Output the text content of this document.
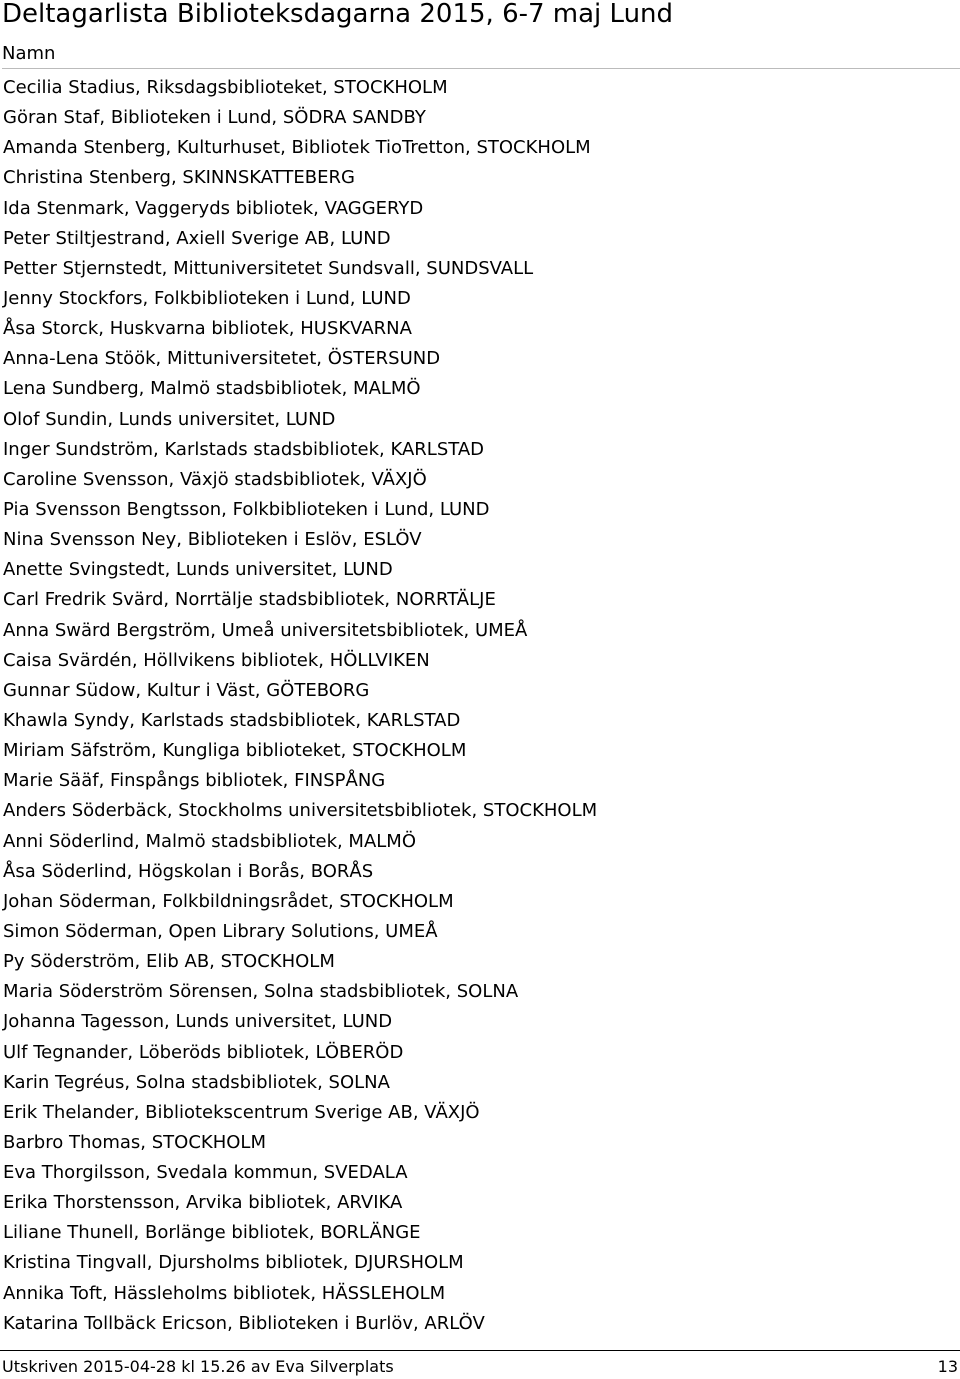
Deltagarlista Biblioteksdagarna 2015, 6-7 maj Lund
Namn
Cecilia Stadius, Riksdagsbiblioteket, STOCKHOLM
Göran Staf, Biblioteken i Lund, SÖDRA SANDBY
Amanda Stenberg, Kulturhuset, Bibliotek TioTretton, STOCKHOLM
Christina Stenberg, SKINNSKATTEBERG
Ida Stenmark, Vaggeryds bibliotek, VAGGERYD
Peter Stiltjestrand, Axiell Sverige AB, LUND
Petter Stjernstedt, Mittuniversitetet Sundsvall, SUNDSVALL
Jenny Stockfors, Folkbiblioteken i Lund, LUND
Åsa Storck, Huskvarna bibliotek, HUSKVARNA
Anna-Lena Stöök, Mittuniversitetet, ÖSTERSUND
Lena Sundberg, Malmö stadsbibliotek, MALMÖ
Olof Sundin, Lunds universitet, LUND
Inger Sundström, Karlstads stadsbibliotek, KARLSTAD
Caroline Svensson, Växjö stadsbibliotek, VÄXJÖ
Pia Svensson Bengtsson, Folkbiblioteken i Lund, LUND
Nina Svensson Ney, Biblioteken i Eslöv, ESLÖV
Anette Svingstedt, Lunds universitet, LUND
Carl Fredrik Svärd, Norrtälje stadsbibliotek, NORRTÄLJE
Anna Swärd Bergström, Umeå universitetsbibliotek, UMEÅ
Caisa Svärdén, Höllvikens bibliotek, HÖLLVIKEN
Gunnar Südow, Kultur i Väst, GÖTEBORG
Khawla Syndy, Karlstads stadsbibliotek, KARLSTAD
Miriam Säfström, Kungliga biblioteket, STOCKHOLM
Marie Sääf, Finspångs bibliotek, FINSPÅNG
Anders Söderbäck, Stockholms universitetsbibliotek, STOCKHOLM
Anni Söderlind, Malmö stadsbibliotek, MALMÖ
Åsa Söderlind, Högskolan i Borås, BORÅS
Johan Söderman, Folkbildningsrådet, STOCKHOLM
Simon Söderman, Open Library Solutions, UMEÅ
Py Söderström, Elib AB, STOCKHOLM
Maria Söderström Sörensen, Solna stadsbibliotek, SOLNA
Johanna Tagesson, Lunds universitet, LUND
Ulf Tegnander, Löberöds bibliotek, LÖBERÖD
Karin Tegréus, Solna stadsbibliotek, SOLNA
Erik Thelander, Bibliotekscentrum Sverige AB, VÄXJÖ
Barbro Thomas, STOCKHOLM
Eva Thorgilsson, Svedala kommun, SVEDALA
Erika Thorstensson, Arvika bibliotek, ARVIKA
Liliane Thunell, Borlänge bibliotek, BORLÄNGE
Kristina Tingvall, Djursholms bibliotek, DJURSHOLM
Annika Toft, Hässleholms bibliotek, HÄSSLEHOLM
Katarina Tollbäck Ericson, Biblioteken i Burlöv, ARLÖV
Utskriven 2015-04-28 kl 15.26 av Eva Silverplats	13
